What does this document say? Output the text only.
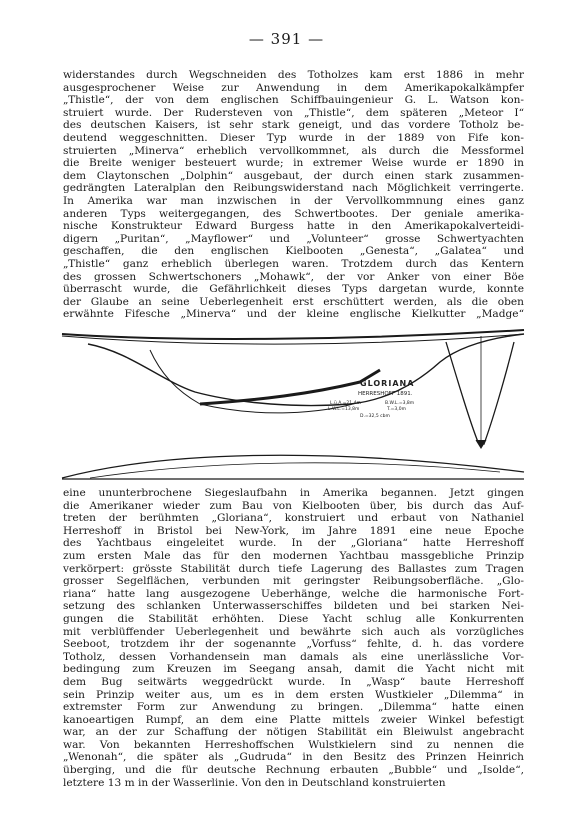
— 391 —
widerstandes durch Wegschneiden des Totholzes kam erst 1886 in mehr
ausgesprochener Weise zur Anwendung in dem Amerikapokalkämpfer
„Thistle“, der von dem englischen Schiffbauingenieur G. L. Watson kon-
struiert wurde. Der Rudersteven von „Thistle“, dem späteren „Meteor I“
des deutschen Kaisers, ist sehr stark geneigt, und das vordere Totholz be-
deutend weggeschnitten. Dieser Typ wurde in der 1889 von Fife kon-
struierten „Minerva“ erheblich vervollkommnet, als durch die Messformel
die Breite weniger besteuert wurde; in extremer Weise wurde er 1890 in
dem Claytonschen „Dolphin“ ausgebaut, der durch einen stark zusammen-
gedrängten Lateralplan den Reibungswiderstand nach Möglichkeit verringerte.
In Amerika war man inzwischen in der Vervollkommnung eines ganz
anderen Typs weitergegangen, des Schwertbootes. Der geniale amerika-
nische Konstrukteur Edward Burgess hatte in den Amerikapokalverteidi-
digern „Puritan“, „Mayflower“ und „Volunteer“ grosse Schwertyachten
geschaffen, die den englischen Kielbooten „Genesta“, „Galatea“ und
„Thistle“ ganz erheblich überlegen waren. Trotzdem durch das Kentern
des grossen Schwertschoners „Mohawk“, der vor Anker von einer Böe
überrascht wurde, die Gefährlichkeit dieses Typs dargetan wurde, konnte
der Glaube an seine Ueberlegenheit erst erschüttert werden, als die oben
erwähnte Fifesche „Minerva“ und der kleine englische Kielkutter „Madge“
GLORIANA
HERRESHOFF 1891.
L.ü.A.=21,4m
L.W.L.=13,8m
B.W.L.=3,8m
T.=3,0m
D.=32,5 cbm
eine ununterbrochene Siegeslaufbahn in Amerika begannen. Jetzt gingen
die Amerikaner wieder zum Bau von Kielbooten über, bis durch das Auf-
treten der berühmten „Gloriana“, konstruiert und erbaut von Nathaniel
Herreshoff in Bristol bei New-York, im Jahre 1891 eine neue Epoche
des Yachtbaus eingeleitet wurde. In der „Gloriana“ hatte Herreshoff
zum ersten Male das für den modernen Yachtbau massgebliche Prinzip
verkörpert: grösste Stabilität durch tiefe Lagerung des Ballastes zum Tragen
grosser Segelflächen, verbunden mit geringster Reibungsoberfläche. „Glo-
riana“ hatte lang ausgezogene Ueberhänge, welche die harmonische Fort-
setzung des schlanken Unterwasserschiffes bildeten und bei starken Nei-
gungen die Stabilität erhöhten. Diese Yacht schlug alle Konkurrenten
mit verblüffender Ueberlegenheit und bewährte sich auch als vorzügliches
Seeboot, trotzdem ihr der sogenannte „Vorfuss“ fehlte, d. h. das vordere
Totholz, dessen Vorhandensein man damals als eine unerlässliche Vor-
bedingung zum Kreuzen im Seegang ansah, damit die Yacht nicht mit
dem Bug seitwärts weggedrückt wurde. In „Wasp“ baute Herreshoff
sein Prinzip weiter aus, um es in dem ersten Wustkieler „Dilemma“ in
extremster Form zur Anwendung zu bringen. „Dilemma“ hatte einen
kanoeartigen Rumpf, an dem eine Platte mittels zweier Winkel befestigt
war, an der zur Schaffung der nötigen Stabilität ein Bleiwulst angebracht
war. Von bekannten Herreshoffschen Wulstkielern sind zu nennen die
„Wenonah“, die später als „Gudruda“ in den Besitz des Prinzen Heinrich
überging, und die für deutsche Rechnung erbauten „Bubble“ und „Isolde“,
letztere 13 m in der Wasserlinie. Von den in Deutschland konstruierten
